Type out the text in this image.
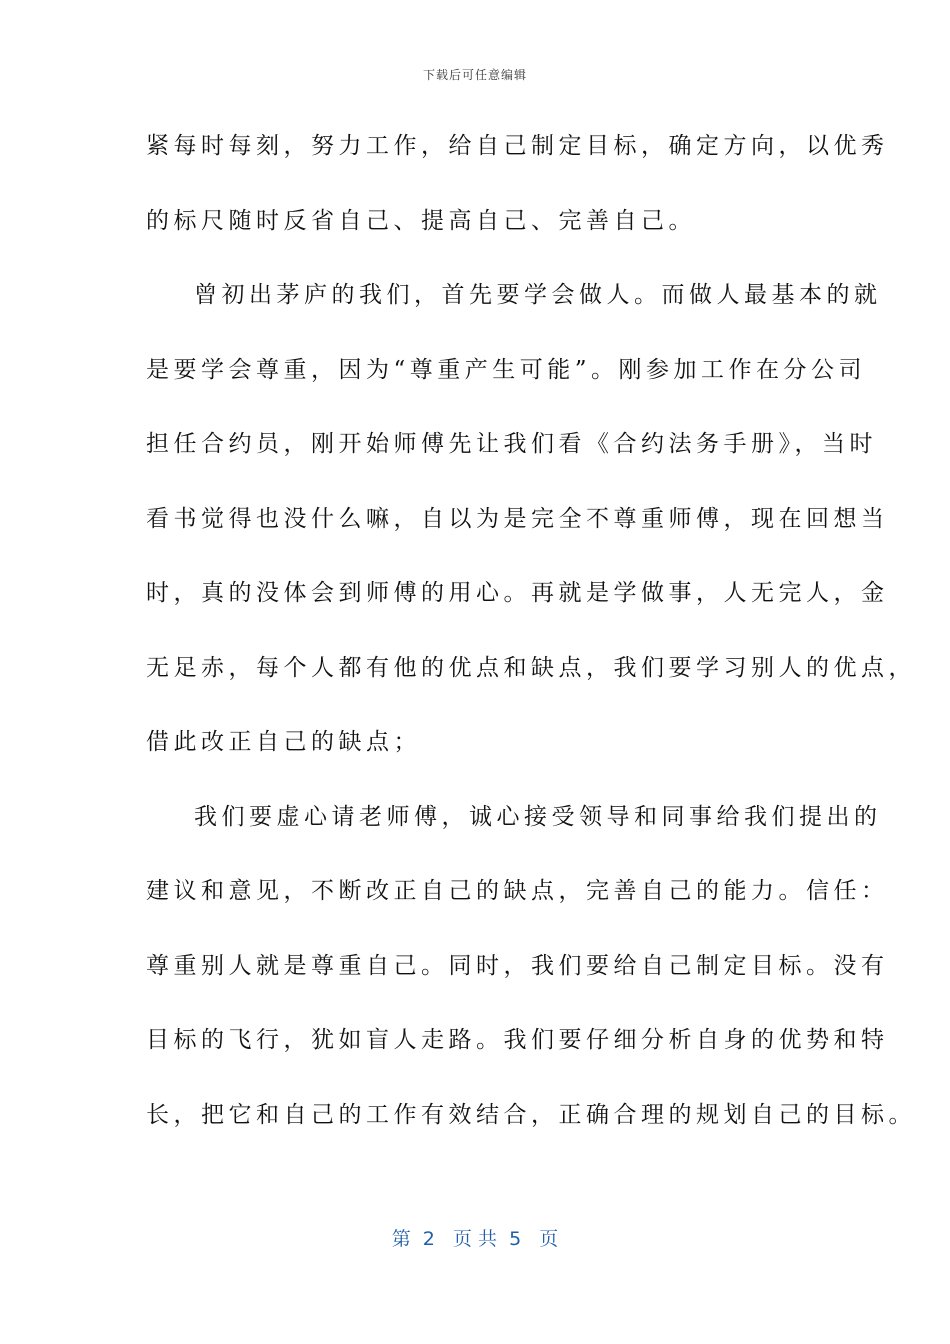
下载后可任意编辑
紧每时每刻，努力工作，给自己制定目标，确定方向，以优秀
的标尺随时反省自己、提高自己、完善自己。
曾初出茅庐的我们，首先要学会做人。而做人最基本的就
是要学会尊重，因为“尊重产生可能”。刚参加工作在分公司
担任合约员，刚开始师傅先让我们看《合约法务手册》，当时
看书觉得也没什么嘛，自以为是完全不尊重师傅，现在回想当
时，真的没体会到师傅的用心。再就是学做事，人无完人，金
无足赤，每个人都有他的优点和缺点，我们要学习别人的优点，
借此改正自己的缺点；
我们要虚心请老师傅，诚心接受领导和同事给我们提出的
建议和意见，不断改正自己的缺点，完善自己的能力。信任：
尊重别人就是尊重自己。同时，我们要给自己制定目标。没有
目标的飞行，犹如盲人走路。我们要仔细分析自身的优势和特
长，把它和自己的工作有效结合，正确合理的规划自己的目标。
第  2   页 共  5   页
